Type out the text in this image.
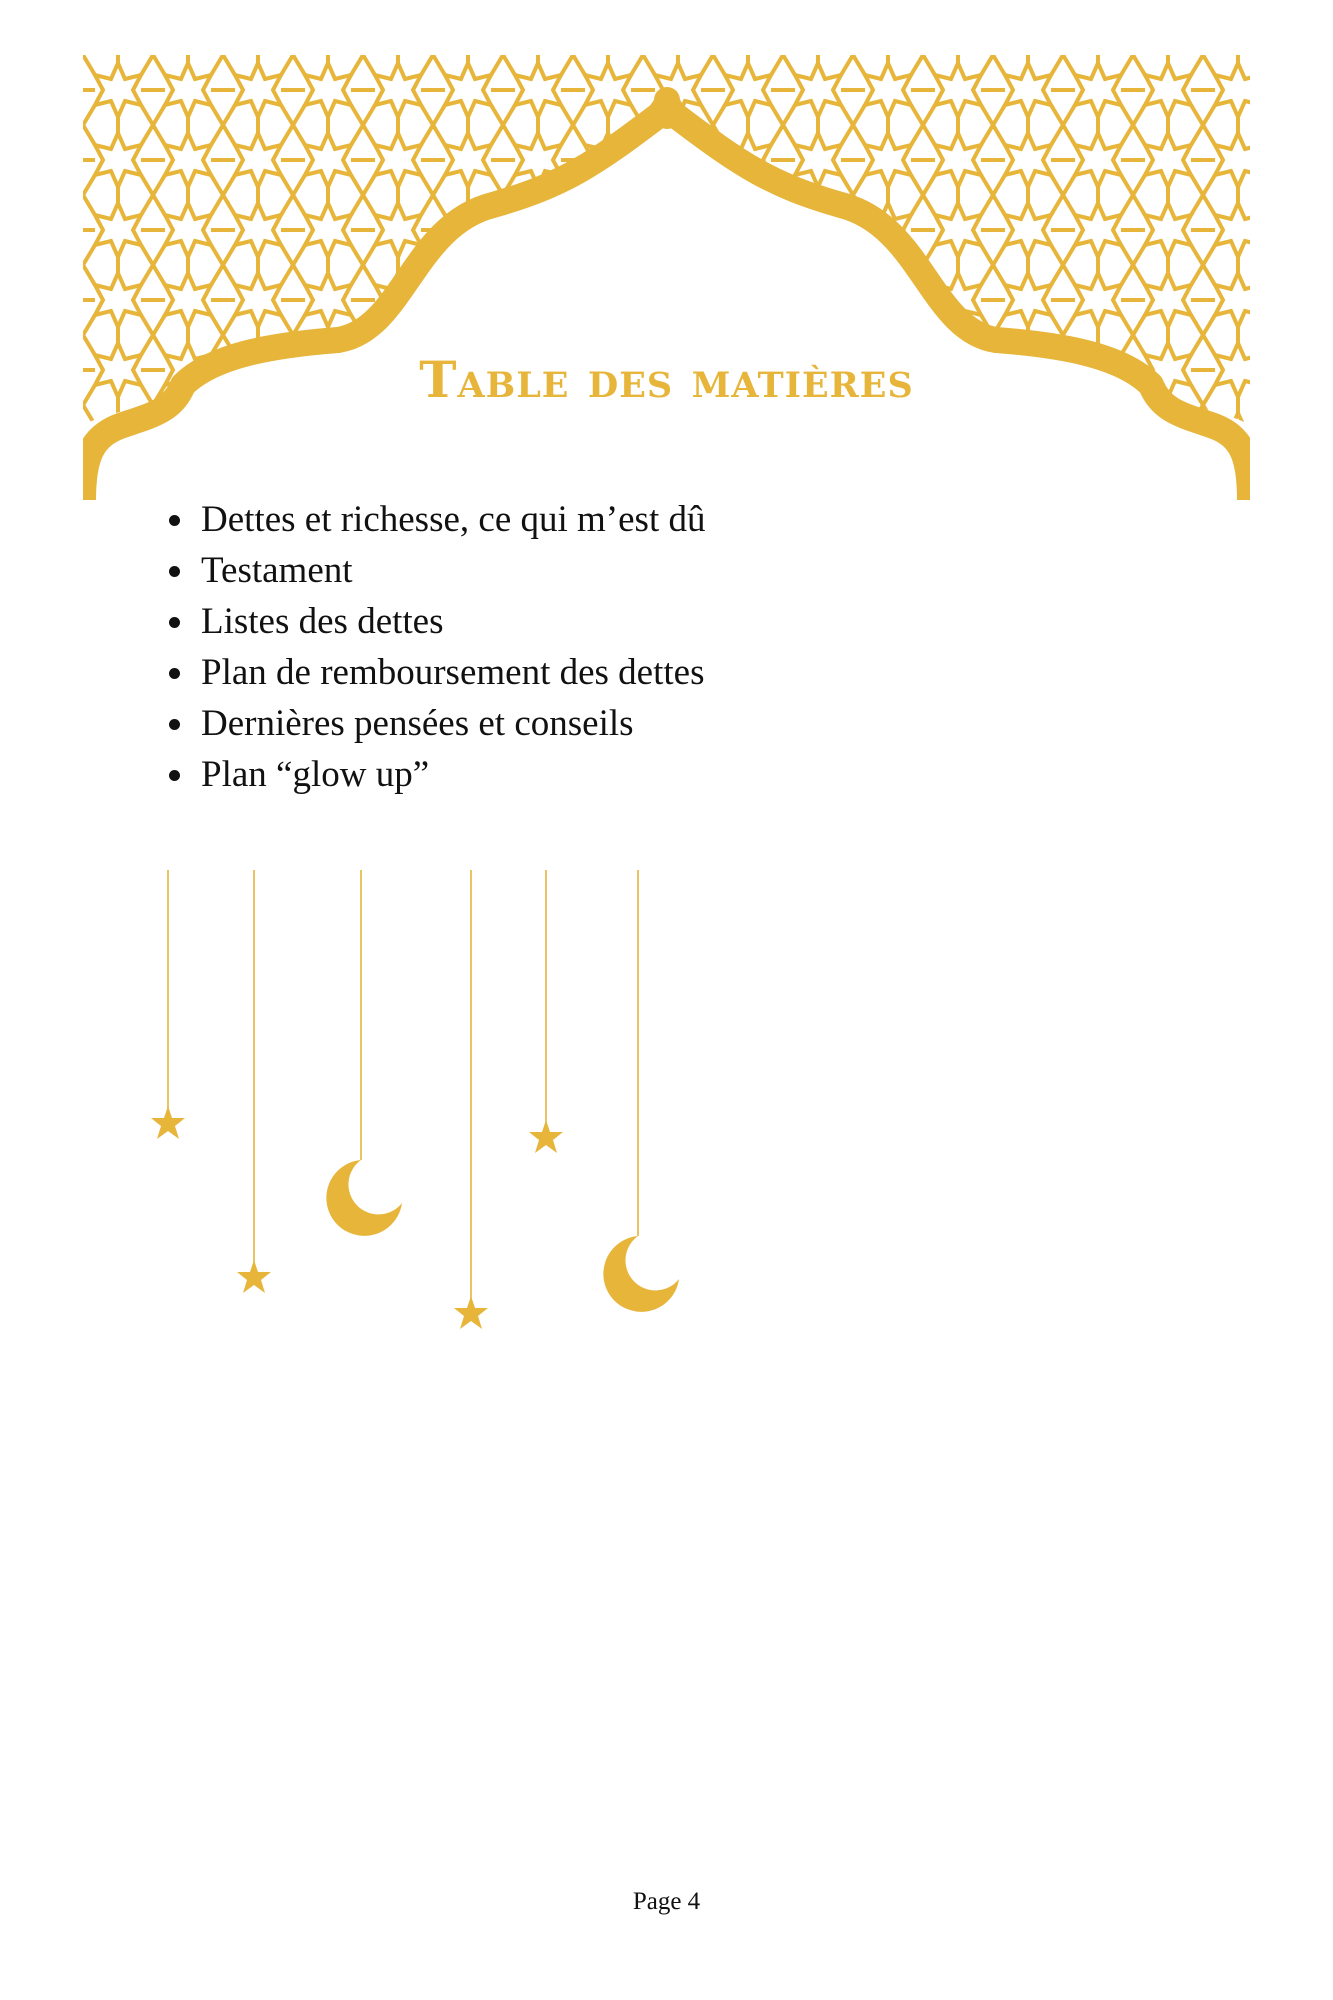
Table des matières
• Dettes et richesse, ce qui m’est dû
• Testament
• Listes des dettes
• Plan de remboursement des dettes
• Dernières pensées et conseils
• Plan “glow up”
Page 4
